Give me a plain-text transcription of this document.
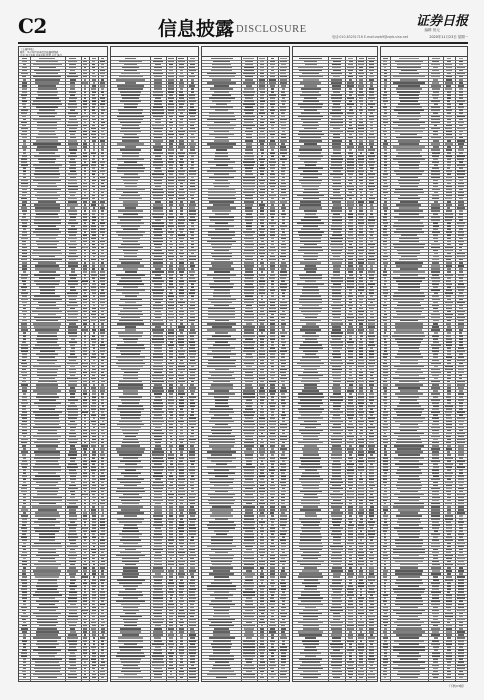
C2	信息披露 DISCLOSURE	编辑 祝元
电话:010-83251716 E-mail:zqrb9@zqrb.sina.net
证券日报
2020年11月23日 星期一
（上接C1版）
附件：基金所持证券信息披露明细表
序号 基金名称 证券名称 数量 占比 备注
（下转C3版）
